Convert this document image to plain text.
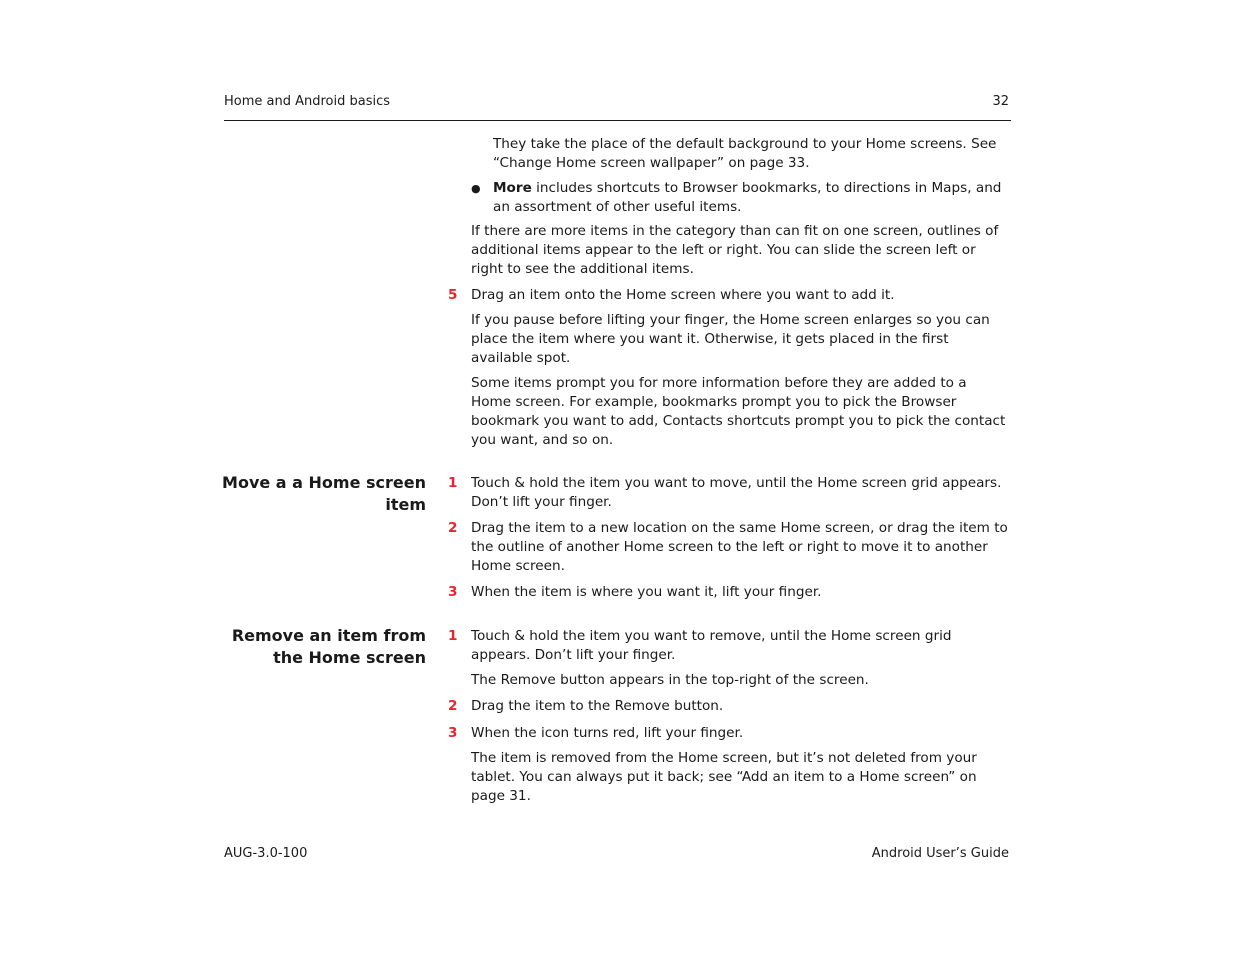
Home and Android basics	32

They take the place of the default background to your Home screens. See “Change Home screen wallpaper” on page 33.

● More includes shortcuts to Browser bookmarks, to directions in Maps, and an assortment of other useful items.

If there are more items in the category than can fit on one screen, outlines of additional items appear to the left or right. You can slide the screen left or right to see the additional items.

5 Drag an item onto the Home screen where you want to add it.

If you pause before lifting your finger, the Home screen enlarges so you can place the item where you want it. Otherwise, it gets placed in the first available spot.

Some items prompt you for more information before they are added to a Home screen. For example, bookmarks prompt you to pick the Browser bookmark you want to add, Contacts shortcuts prompt you to pick the contact you want, and so on.

Move a a Home screen
item
1 Touch & hold the item you want to move, until the Home screen grid appears. Don’t lift your finger.

2 Drag the item to a new location on the same Home screen, or drag the item to the outline of another Home screen to the left or right to move it to another Home screen.

3 When the item is where you want it, lift your finger.

Remove an item from
the Home screen
1 Touch & hold the item you want to remove, until the Home screen grid appears. Don’t lift your finger.

The Remove button appears in the top-right of the screen.

2 Drag the item to the Remove button.

3 When the icon turns red, lift your finger.

The item is removed from the Home screen, but it’s not deleted from your tablet. You can always put it back; see “Add an item to a Home screen” on page 31.

AUG-3.0-100	Android User’s Guide
